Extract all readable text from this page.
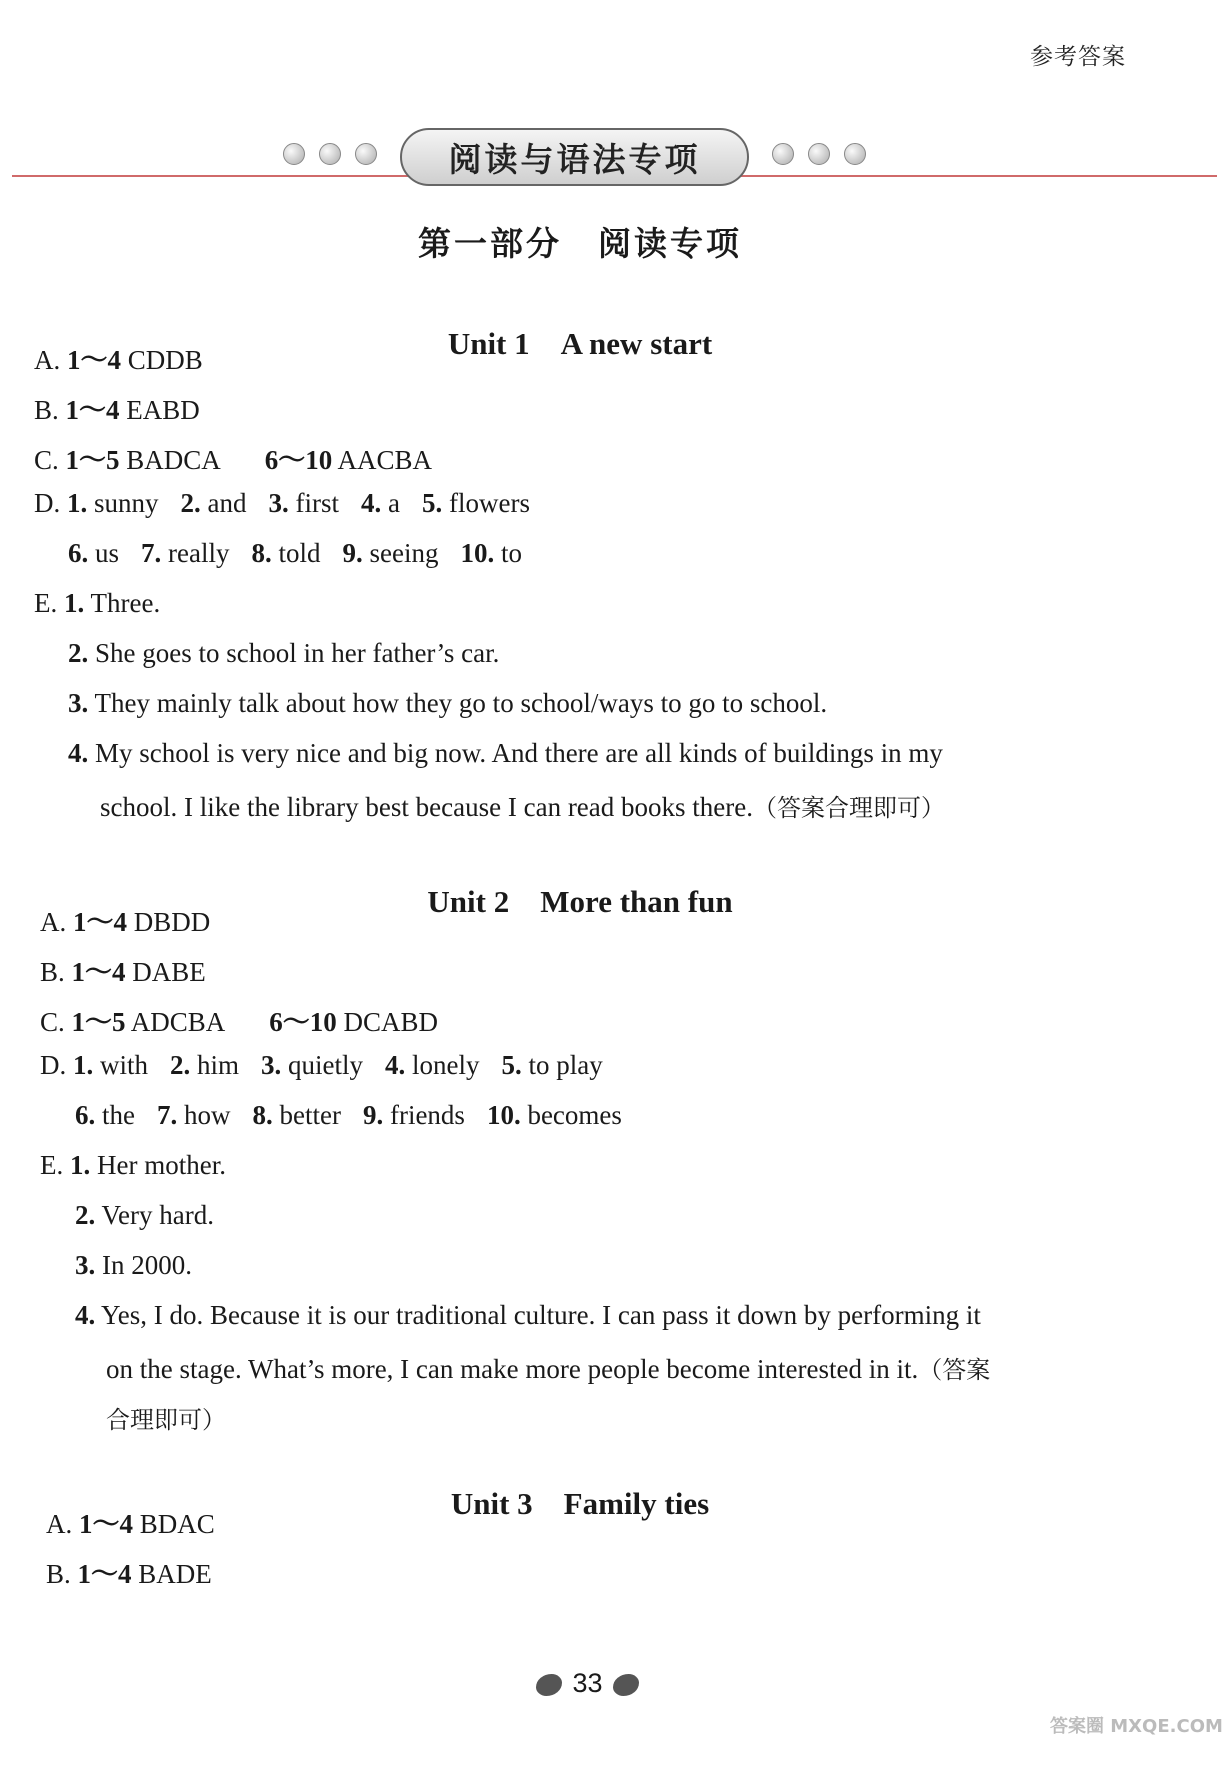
参考答案
阅读与语法专项
第一部分　阅读专项
Unit 1　A new start
A. 1～4 CDDB
B. 1～4 EABD
C. 1～5 BADCA 6～10 AACBA
D. 1. sunny 2. and 3. first 4. a 5. flowers
6. us 7. really 8. told 9. seeing 10. to
E. 1. Three.
2. She goes to school in her father’s car.
3. They mainly talk about how they go to school/ways to go to school.
4. My school is very nice and big now. And there are all kinds of buildings in my
school. I like the library best because I can read books there.（答案合理即可）
Unit 2　More than fun
A. 1～4 DBDD
B. 1～4 DABE
C. 1～5 ADCBA 6～10 DCABD
D. 1. with 2. him 3. quietly 4. lonely 5. to play
6. the 7. how 8. better 9. friends 10. becomes
E. 1. Her mother.
2. Very hard.
3. In 2000.
4. Yes, I do. Because it is our traditional culture. I can pass it down by performing it
on the stage. What’s more, I can make more people become interested in it.（答案
合理即可）
Unit 3　Family ties
A. 1～4 BDAC
B. 1～4 BADE
33
答案圈 MXQE.COM
